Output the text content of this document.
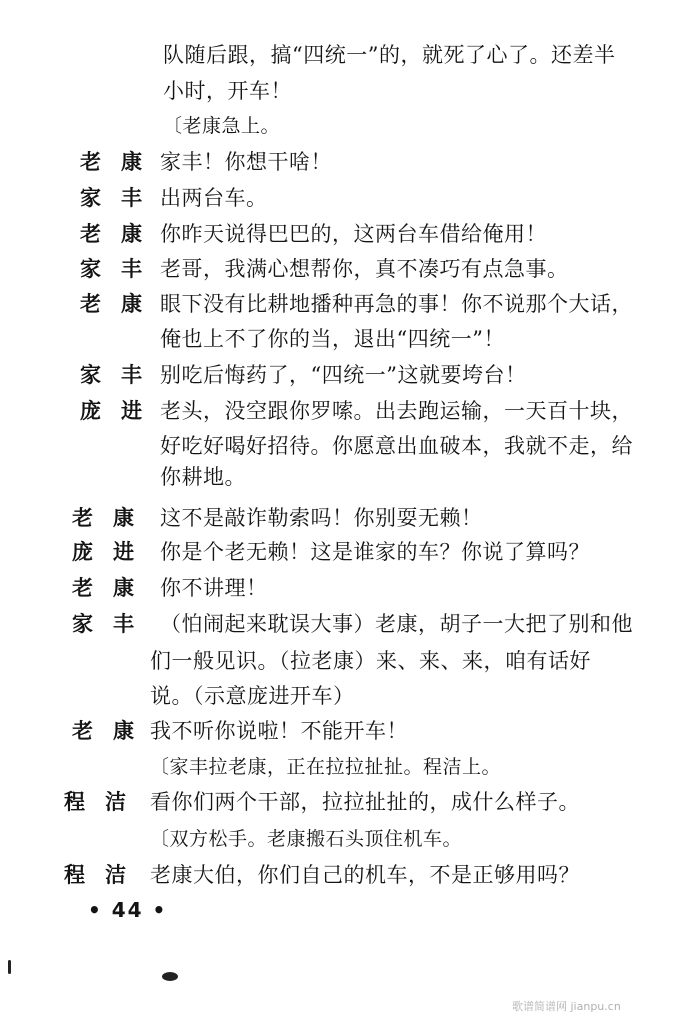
队随后跟，搞“四统一”的，就死了心了。还差半
小时，开车！
〔老康急上。
老康
家丰！你想干啥！
家丰
出两台车。
老康
你昨天说得巴巴的，这两台车借给俺用！
家丰
老哥，我满心想帮你，真不凑巧有点急事。
老康
眼下没有比耕地播种再急的事！你不说那个大话，
俺也上不了你的当，退出“四统一”！
家丰
别吃后悔药了，“四统一”这就要垮台！
庞进
老头，没空跟你罗嗦。出去跑运输，一天百十块，
好吃好喝好招待。你愿意出血破本，我就不走，给
你耕地。
老康 这不是敲诈勒索吗！你别耍无赖！
庞进 你是个老无赖！这是谁家的车？你说了算吗？
老康 你不讲理！
家丰 （怕闹起来耽误大事）老康，胡子一大把了别和他
们一般见识。（拉老康）来、来、来，咱有话好
说。（示意庞进开车）
老康
我不听你说啦！不能开车！
〔家丰拉老康，正在拉拉扯扯。程洁上。
程洁 看你们两个干部，拉拉扯扯的，成什么样子。
〔双方松手。老康搬石头顶住机车。
程洁 老康大伯，你们自己的机车，不是正够用吗？
• 44 •
歌谱简谱网 jianpu.cn
